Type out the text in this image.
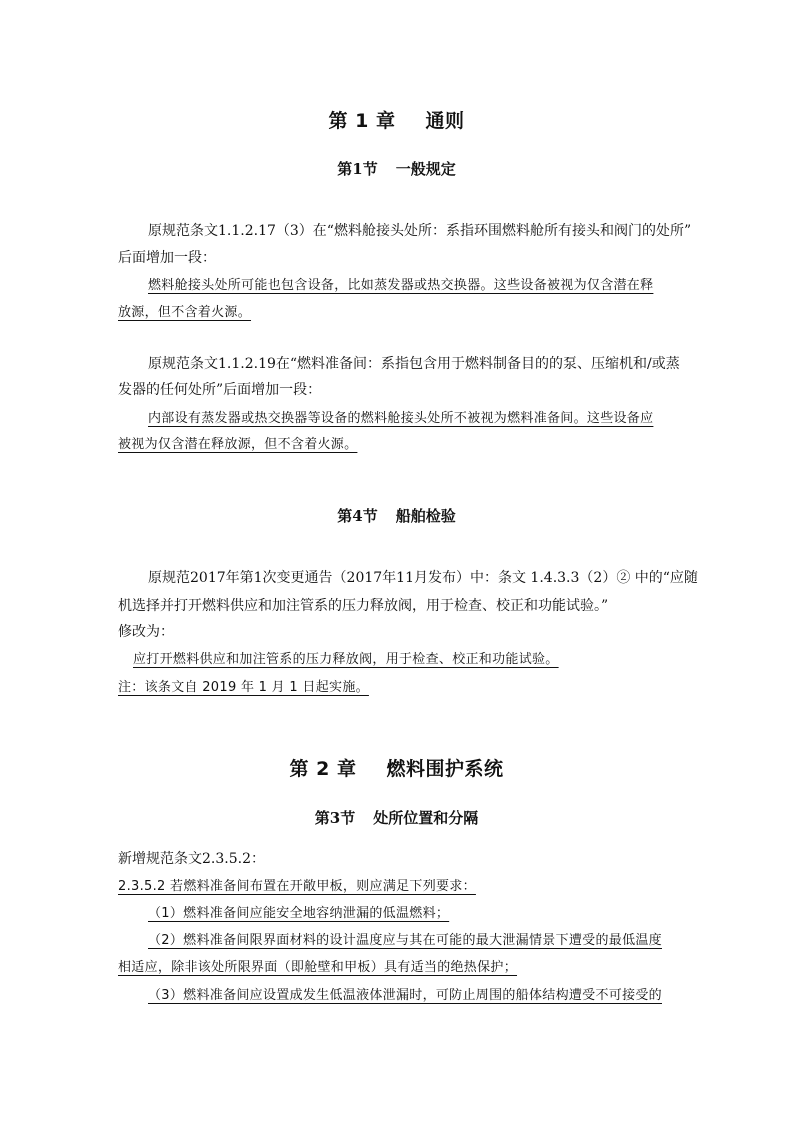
第 1 章 通则
第1节 一般规定

原规范条文1.1.2.17（3）在“燃料舱接头处所：系指环围燃料舱所有接头和阀门的处所”

后面增加一段：

燃料舱接头处所可能也包含设备，比如蒸发器或热交换器。这些设备被视为仅含潜在释

放源，但不含着火源。

原规范条文1.1.2.19在“燃料准备间：系指包含用于燃料制备目的的泵、压缩机和/或蒸

发器的任何处所”后面增加一段：

内部设有蒸发器或热交换器等设备的燃料舱接头处所不被视为燃料准备间。这些设备应

被视为仅含潜在释放源，但不含着火源。

第4节 船舶检验

原规范2017年第1次变更通告（2017年11月发布）中：条文 1.4.3.3（2）② 中的“应随

机选择并打开燃料供应和加注管系的压力释放阀，用于检查、校正和功能试验。”

修改为：

应打开燃料供应和加注管系的压力释放阀，用于检查、校正和功能试验。

注：该条文自 2019 年 1 月 1 日起实施。

第 2 章 燃料围护系统
第3节 处所位置和分隔

新增规范条文2.3.5.2：

2.3.5.2 若燃料准备间布置在开敞甲板，则应满足下列要求：

（1）燃料准备间应能安全地容纳泄漏的低温燃料；

（2）燃料准备间限界面材料的设计温度应与其在可能的最大泄漏情景下遭受的最低温度

相适应，除非该处所限界面（即舱壁和甲板）具有适当的绝热保护；

（3）燃料准备间应设置成发生低温液体泄漏时，可防止周围的船体结构遭受不可接受的
